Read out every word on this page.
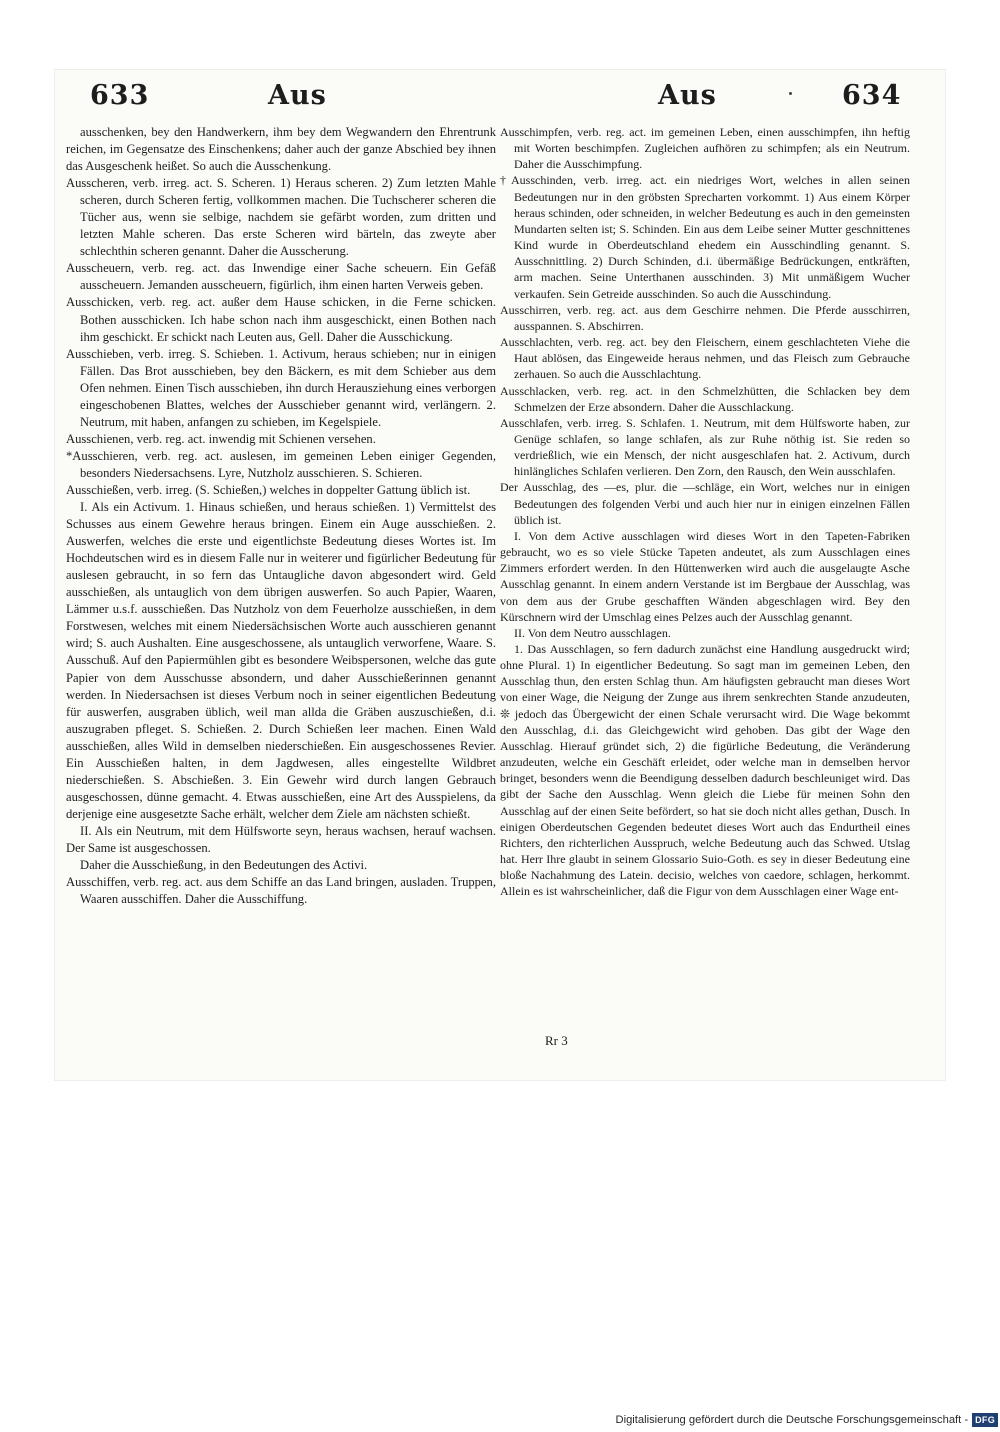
633	Aus	Aus	634

ausschenken, bey den Handwerkern, ihm bey dem Wegwandern den Ehrentrunk reichen, im Gegensatze des Einschenkens; daher auch der ganze Abschied bey ihnen das Ausgeschenk heißet. So auch die Ausschenkung.

Ausscheren, verb. irreg. act. S. Scheren. 1) Heraus scheren. 2) Zum letzten Mahle scheren, durch Scheren fertig, vollkommen machen. Die Tuchscherer scheren die Tücher aus, wenn sie selbige, nachdem sie gefärbt worden, zum dritten und letzten Mahle scheren. Das erste Scheren wird bärteln, das zweyte aber schlechthin scheren genannt. Daher die Ausscherung.

Ausscheuern, verb. reg. act. das Inwendige einer Sache scheuern. Ein Gefäß ausscheuern. Jemanden ausscheuern, figürlich, ihm einen harten Verweis geben.

Ausschicken, verb. reg. act. außer dem Hause schicken, in die Ferne schicken. Bothen ausschicken. Ich habe schon nach ihm ausgeschickt, einen Bothen nach ihm geschickt. Er schickt nach Leuten aus, Gell. Daher die Ausschickung.

Ausschieben, verb. irreg. S. Schieben. 1. Activum, heraus schieben; nur in einigen Fällen. Das Brot ausschieben, bey den Bäckern, es mit dem Schieber aus dem Ofen nehmen. Einen Tisch ausschieben, ihn durch Herausziehung eines verborgen eingeschobenen Blattes, welches der Ausschieber genannt wird, verlängern. 2. Neutrum, mit haben, anfangen zu schieben, im Kegelspiele.

Ausschienen, verb. reg. act. inwendig mit Schienen versehen.

*Ausschieren, verb. reg. act. auslesen, im gemeinen Leben einiger Gegenden, besonders Niedersachsens. Lyre, Nutzholz ausschieren. S. Schieren.

Ausschießen, verb. irreg. (S. Schießen,) welches in doppelter Gattung üblich ist.

I. Als ein Activum. 1. Hinaus schießen, und heraus schießen. 1) Vermittelst des Schusses aus einem Gewehre heraus bringen. Einem ein Auge ausschießen. 2. Auswerfen, welches die erste und eigentlichste Bedeutung dieses Wortes ist. Im Hochdeutschen wird es in diesem Falle nur in weiterer und figürlicher Bedeutung für auslesen gebraucht, in so fern das Untaugliche davon abgesondert wird. Geld ausschießen, als untauglich von dem übrigen auswerfen. So auch Papier, Waaren, Lämmer u.s.f. ausschießen. Das Nutzholz von dem Feuerholze ausschießen, in dem Forstwesen, welches mit einem Niedersächsischen Worte auch ausschieren genannt wird; S. auch Aushalten. Eine ausgeschossene, als untauglich verworfene, Waare. S. Ausschuß. Auf den Papiermühlen gibt es besondere Weibspersonen, welche das gute Papier von dem Ausschusse absondern, und daher Ausschießerinnen genannt werden. In Niedersachsen ist dieses Verbum noch in seiner eigentlichen Bedeutung für auswerfen, ausgraben üblich, weil man allda die Gräben auszuschießen, d.i. auszugraben pfleget. S. Schießen. 2. Durch Schießen leer machen. Einen Wald ausschießen, alles Wild in demselben niederschießen. Ein ausgeschossenes Revier. Ein Ausschießen halten, in dem Jagdwesen, alles eingestellte Wildbret niederschießen. S. Abschießen. 3. Ein Gewehr wird durch langen Gebrauch ausgeschossen, dünne gemacht. 4. Etwas ausschießen, eine Art des Ausspielens, da derjenige eine ausgesetzte Sache erhält, welcher dem Ziele am nächsten schießt.

II. Als ein Neutrum, mit dem Hülfsworte seyn, heraus wachsen, herauf wachsen. Der Same ist ausgeschossen.

Daher die Ausschießung, in den Bedeutungen des Activi.

Ausschiffen, verb. reg. act. aus dem Schiffe an das Land bringen, ausladen. Truppen, Waaren ausschiffen. Daher die Ausschiffung.

Ausschimpfen, verb. reg. act. im gemeinen Leben, einen ausschimpfen, ihn heftig mit Worten beschimpfen. Zugleichen aufhören zu schimpfen; als ein Neutrum. Daher die Ausschimpfung.

†Ausschinden, verb. irreg. act. ein niedriges Wort, welches in allen seinen Bedeutungen nur in den gröbsten Sprecharten vorkommt. 1) Aus einem Körper heraus schinden, oder schneiden, in welcher Bedeutung es auch in den gemeinsten Mundarten selten ist; S. Schinden. Ein aus dem Leibe seiner Mutter geschnittenes Kind wurde in Oberdeutschland ehedem ein Ausschindling genannt. S. Ausschnittling. 2) Durch Schinden, d.i. übermäßige Bedrückungen, entkräften, arm machen. Seine Unterthanen ausschinden. 3) Mit unmäßigem Wucher verkaufen. Sein Getreide ausschinden. So auch die Ausschindung.

Ausschirren, verb. reg. act. aus dem Geschirre nehmen. Die Pferde ausschirren, ausspannen. S. Abschirren.

Ausschlachten, verb. reg. act. bey den Fleischern, einem geschlachteten Viehe die Haut ablösen, das Eingeweide heraus nehmen, und das Fleisch zum Gebrauche zerhauen. So auch die Ausschlachtung.

Ausschlacken, verb. reg. act. in den Schmelzhütten, die Schlacken bey dem Schmelzen der Erze absondern. Daher die Ausschlackung.

Ausschlafen, verb. irreg. S. Schlafen. 1. Neutrum, mit dem Hülfsworte haben, zur Genüge schlafen, so lange schlafen, als zur Ruhe nöthig ist. Sie reden so verdrießlich, wie ein Mensch, der nicht ausgeschlafen hat. 2. Activum, durch hinlängliches Schlafen verlieren. Den Zorn, den Rausch, den Wein ausschlafen.

Der Ausschlag, des —es, plur. die —schläge, ein Wort, welches nur in einigen Bedeutungen des folgenden Verbi und auch hier nur in einigen einzelnen Fällen üblich ist.

I. Von dem Active ausschlagen wird dieses Wort in den Tapeten-Fabriken gebraucht, wo es so viele Stücke Tapeten andeutet, als zum Ausschlagen eines Zimmers erfordert werden. In den Hüttenwerken wird auch die ausgelaugte Asche Ausschlag genannt. In einem andern Verstande ist im Bergbaue der Ausschlag, was von dem aus der Grube geschafften Wänden abgeschlagen wird. Bey den Kürschnern wird der Umschlag eines Pelzes auch der Ausschlag genannt.

II. Von dem Neutro ausschlagen.

1. Das Ausschlagen, so fern dadurch zunächst eine Handlung ausgedruckt wird; ohne Plural. 1) In eigentlicher Bedeutung. So sagt man im gemeinen Leben, den Ausschlag thun, den ersten Schlag thun. Am häufigsten gebraucht man dieses Wort von einer Wage, die Neigung der Zunge aus ihrem senkrechten Stande anzudeuten, ❊ jedoch das Übergewicht der einen Schale verursacht wird. Die Wage bekommt den Ausschlag, d.i. das Gleichgewicht wird gehoben. Das gibt der Wage den Ausschlag. Hierauf gründet sich, 2) die figürliche Bedeutung, die Veränderung anzudeuten, welche ein Geschäft erleidet, oder welche man in demselben hervor bringet, besonders wenn die Beendigung desselben dadurch beschleuniget wird. Das gibt der Sache den Ausschlag. Wenn gleich die Liebe für meinen Sohn den Ausschlag auf der einen Seite befördert, so hat sie doch nicht alles gethan, Dusch. In einigen Oberdeutschen Gegenden bedeutet dieses Wort auch das Endurtheil eines Richters, den richterlichen Ausspruch, welche Bedeutung auch das Schwed. Utslag hat. Herr Ihre glaubt in seinem Glossario Suio-Goth. es sey in dieser Bedeutung eine bloße Nachahmung des Latein. decisio, welches von caedore, schlagen, herkommt. Allein es ist wahrscheinlicher, daß die Figur von dem Ausschlagen einer Wage ent-

Rr 3
Digitalisierung gefördert durch die Deutsche Forschungsgemeinschaft - DFG
